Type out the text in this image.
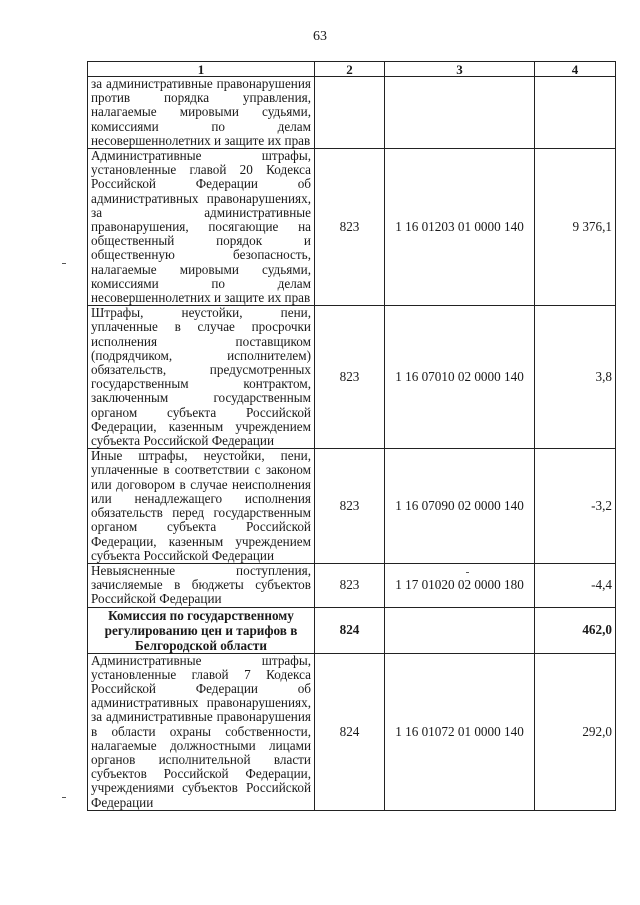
63
1	2	3	4
за административные правонарушения против порядка управления, налагаемые мировыми судьями, комиссиями по делам несовершеннолетних и защите их прав			
Административные штрафы, установленные главой 20 Кодекса Российской Федерации об административных правонарушениях, за административные правонарушения, посягающие на общественный порядок и общественную безопасность, налагаемые мировыми судьями, комиссиями по делам несовершеннолетних и защите их прав	823	1 16 01203 01 0000 140	9 376,1
Штрафы, неустойки, пени, уплаченные в случае просрочки исполнения поставщиком (подрядчиком, исполнителем) обязательств, предусмотренных государственным контрактом, заключенным государственным органом субъекта Российской Федерации, казенным учреждением субъекта Российской Федерации	823	1 16 07010 02 0000 140	3,8
Иные штрафы, неустойки, пени, уплаченные в соответствии с законом или договором в случае неисполнения или ненадлежащего исполнения обязательств перед государственным органом субъекта Российской Федерации, казенным учреждением субъекта Российской Федерации	823	1 16 07090 02 0000 140	-3,2
Невыясненные поступления, зачисляемые в бюджеты субъектов Российской Федерации	823	1 17 01020 02 0000 180	-4,4
Комиссия по государственному регулированию цен и тарифов в Белгородской области	824		462,0
Административные штрафы, установленные главой 7 Кодекса Российской Федерации об административных правонарушениях, за административные правонарушения в области охраны собственности, налагаемые должностными лицами органов исполнительной власти субъектов Российской Федерации, учреждениями субъектов Российской Федерации	824	1 16 01072 01 0000 140	292,0
